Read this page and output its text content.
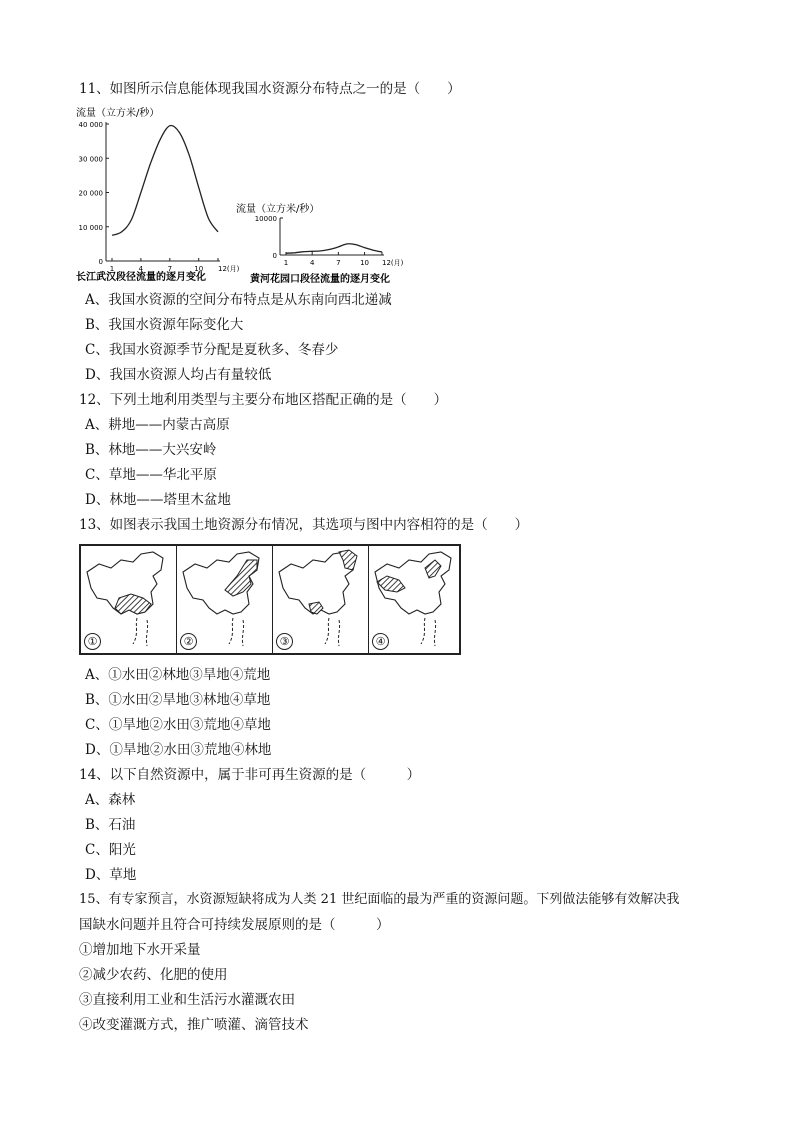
11、如图所示信息能体现我国水资源分布特点之一的是（　　）
流量（立方米/秒）
40 000
30 000
20 000
10 000
0
1	4	7	10 12(月)
长江武汉段径流量的逐月变化
流量（立方米/秒）
10000
0
1	4	7	10 12(月)
黄河花园口段径流量的逐月变化
A、我国水资源的空间分布特点是从东南向西北递减
B、我国水资源年际变化大
C、我国水资源季节分配是夏秋多、冬春少
D、我国水资源人均占有量较低
12、下列土地利用类型与主要分布地区搭配正确的是（　　）
A、耕地——内蒙古高原
B、林地——大兴安岭
C、草地——华北平原
D、林地——塔里木盆地
13、如图表示我国土地资源分布情况，其选项与图中内容相符的是（　　）
①	②	③	④
A、①水田②林地③旱地④荒地
B、①水田②旱地③林地④草地
C、①旱地②水田③荒地④草地
D、①旱地②水田③荒地④林地
14、以下自然资源中，属于非可再生资源的是（　　　）
A、森林
B、石油
C、阳光
D、草地
15、有专家预言，水资源短缺将成为人类 21 世纪面临的最为严重的资源问题。下列做法能够有效解决我
国缺水问题并且符合可持续发展原则的是（　　　）
①增加地下水开采量
②减少农药、化肥的使用
③直接利用工业和生活污水灌溉农田
④改变灌溉方式，推广喷灌、滴管技术
